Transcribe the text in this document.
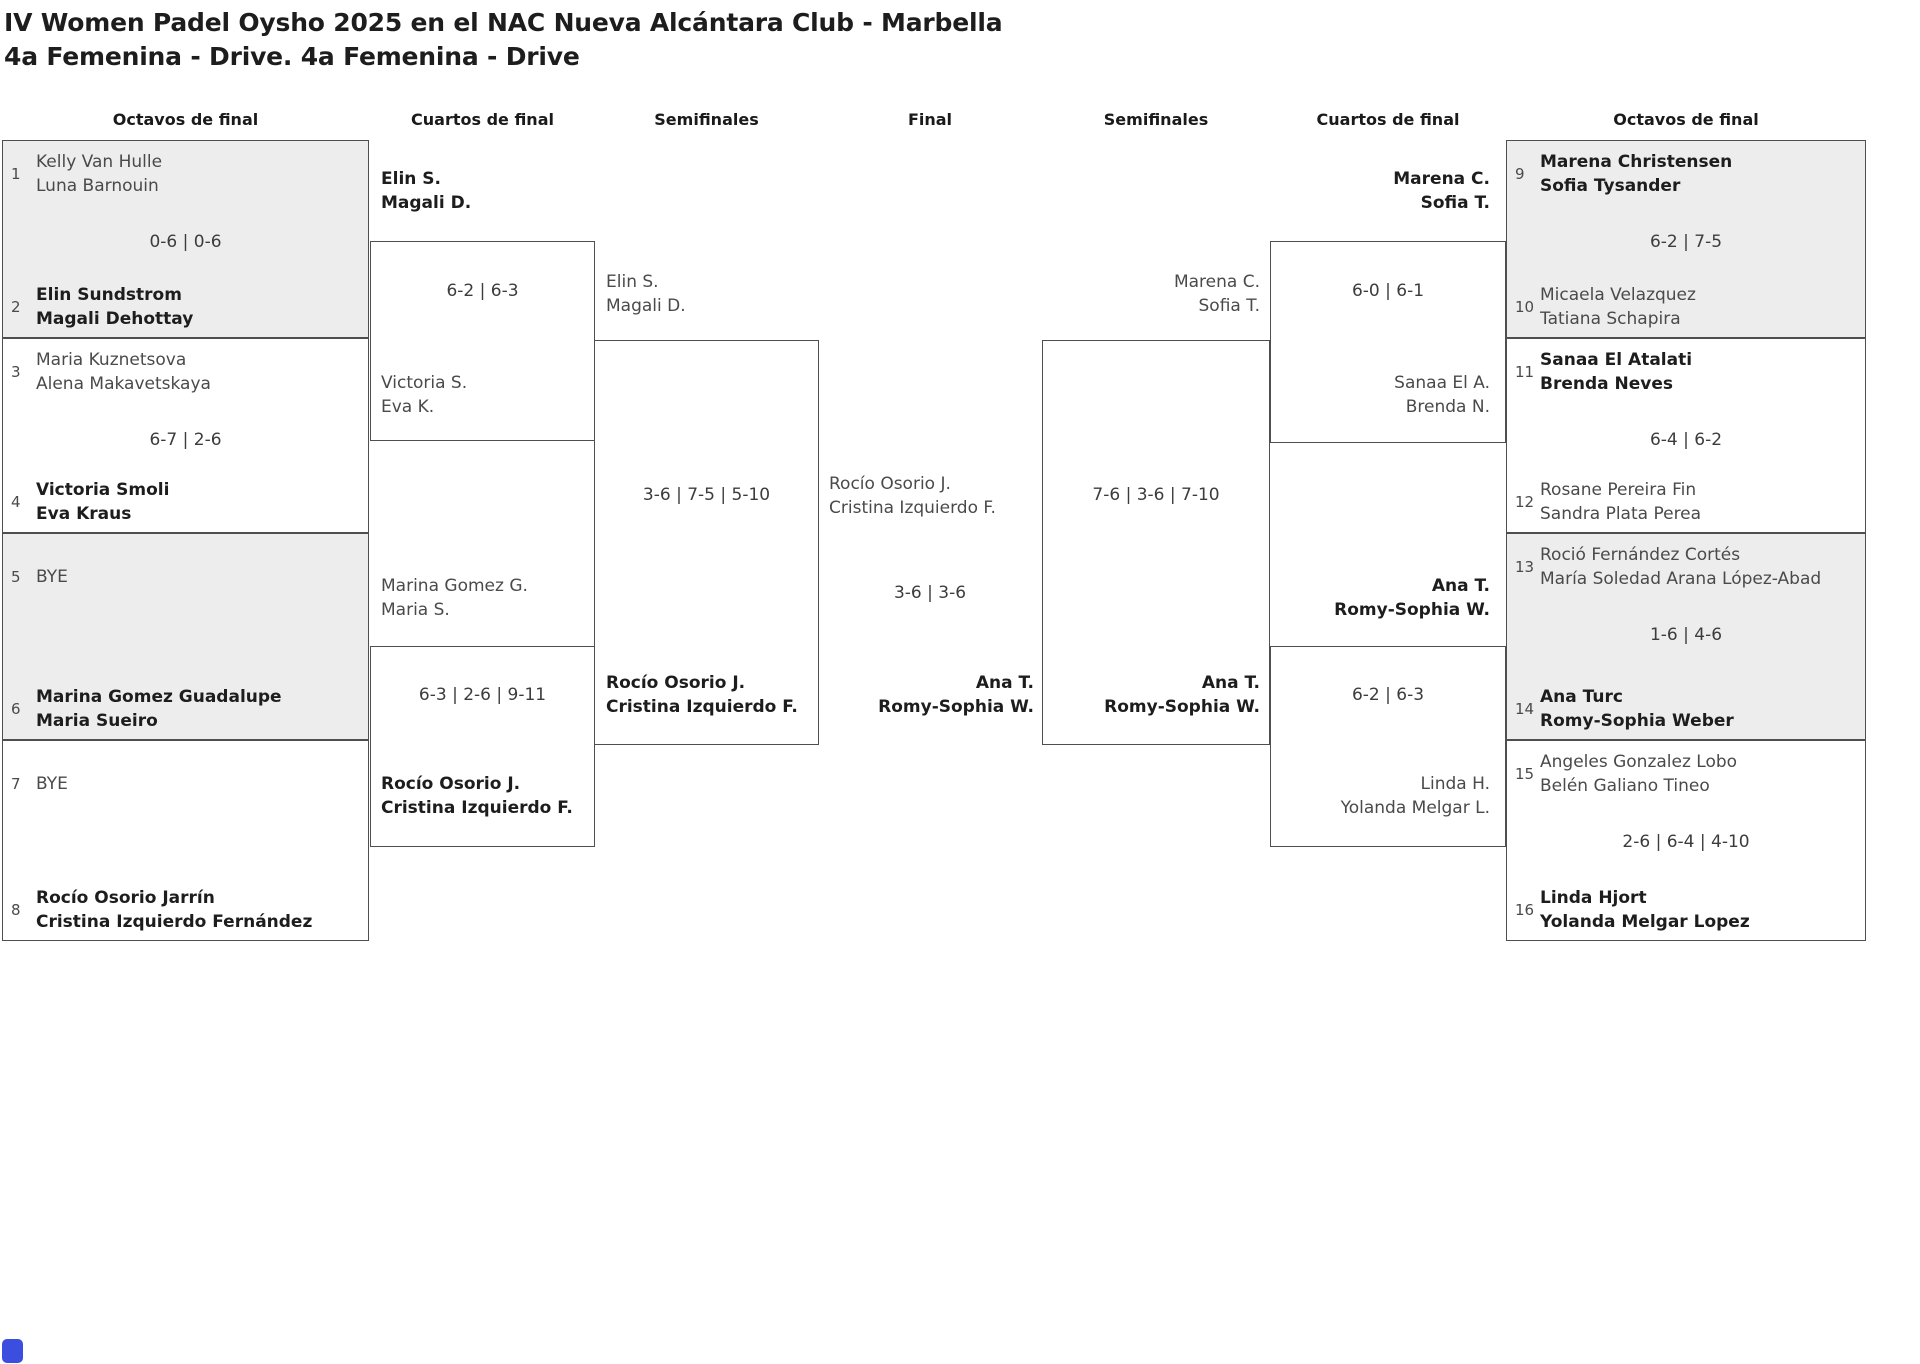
IV Women Padel Oysho 2025 en el NAC Nueva Alcántara Club - Marbella
4a Femenina - Drive. 4a Femenina - Drive
Octavos de final	Cuartos de final	Semifinales	Final	Semifinales	Cuartos de final	Octavos de final
1
Kelly Van Hulle
Luna Barnouin
0-6 | 0-6
2
Elin Sundstrom
Magali Dehottay
3
Maria Kuznetsova
Alena Makavetskaya
6-7 | 2-6
4
Victoria Smoli
Eva Kraus
5 BYE
6
Marina Gomez Guadalupe
Maria Sueiro
7 BYE
8
Rocío Osorio Jarrín
Cristina Izquierdo Fernández
9
Marena Christensen
Sofia Tysander
6-2 | 7-5
10
Micaela Velazquez
Tatiana Schapira
11
Sanaa El Atalati
Brenda Neves
6-4 | 6-2
12
Rosane Pereira Fin
Sandra Plata Perea
13
Roció Fernández Cortés
María Soledad Arana López-Abad
1-6 | 4-6
14
Ana Turc
Romy-Sophia Weber
15
Angeles Gonzalez Lobo
Belén Galiano Tineo
2-6 | 6-4 | 4-10
16
Linda Hjort
Yolanda Melgar Lopez
Elin S.
Magali D.
6-2 | 6-3
Victoria S.
Eva K.
Marina Gomez G.
Maria S.
6-3 | 2-6 | 9-11
Rocío Osorio J.
Cristina Izquierdo F.
Elin S.
Magali D.
3-6 | 7-5 | 5-10
Rocío Osorio J.
Cristina Izquierdo F.
Rocío Osorio J.
Cristina Izquierdo F.
3-6 | 3-6
Ana T.
Romy-Sophia W.
Marena C.
Sofia T.
7-6 | 3-6 | 7-10
Ana T.
Romy-Sophia W.
Marena C.
Sofia T.
6-0 | 6-1
Sanaa El A.
Brenda N.
Ana T.
Romy-Sophia W.
6-2 | 6-3
Linda H.
Yolanda Melgar L.
